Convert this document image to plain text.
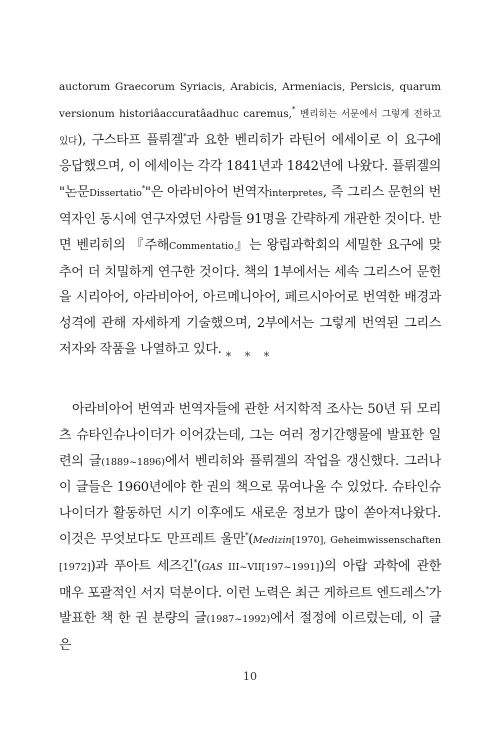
auctorum Graecorum Syriacis, Arabicis, Armeniacis, Persicis, quarum versionum historiâaccuratâadhuc caremus,* 벤리히는 서문에서 그렇게 전하고 있다), 구스타프 플뤼겔*과 요한 벤리히가 라틴어 에세이로 이 요구에 응답했으며, 이 에세이는 각각 1841년과 1842년에 나왔다. 플뤼겔의 "논문Dissertatio*"은 아라비아어 번역자interpretes, 즉 그리스 문헌의 번역자인 동시에 연구자였던 사람들 91명을 간략하게 개관한 것이다. 반면 벤리히의 『주해Commentatio』는 왕립과학회의 세밀한 요구에 맞추어 더 치밀하게 연구한 것이다. 책의 1부에서는 세속 그리스어 문헌을 시리아어, 아라비아어, 아르메니아어, 페르시아어로 번역한 배경과 성격에 관해 자세하게 기술했으며, 2부에서는 그렇게 번역된 그리스 저자와 작품을 나열하고 있다. * * *

아라비아어 번역과 번역자들에 관한 서지학적 조사는 50년 뒤 모리츠 슈타인슈나이더가 이어갔는데, 그는 여러 정기간행물에 발표한 일련의 글(1889~1896)에서 벤리히와 플뤼겔의 작업을 갱신했다. 그러나 이 글들은 1960년에야 한 권의 책으로 묶여나올 수 있었다. 슈타인슈나이더가 활동하던 시기 이후에도 새로운 정보가 많이 쏟아져나왔다. 이것은 무엇보다도 만프레트 울만*(Medizin[1970], Geheimwissenschaften [1972])과 푸아트 세즈긴*(GAS III~VII[197~1991])의 아랍 과학에 관한 매우 포괄적인 서지 덕분이다. 이런 노력은 최근 게하르트 엔드레스*가 발표한 책 한 권 분량의 글(1987~1992)에서 절정에 이르렀는데, 이 글은

10
